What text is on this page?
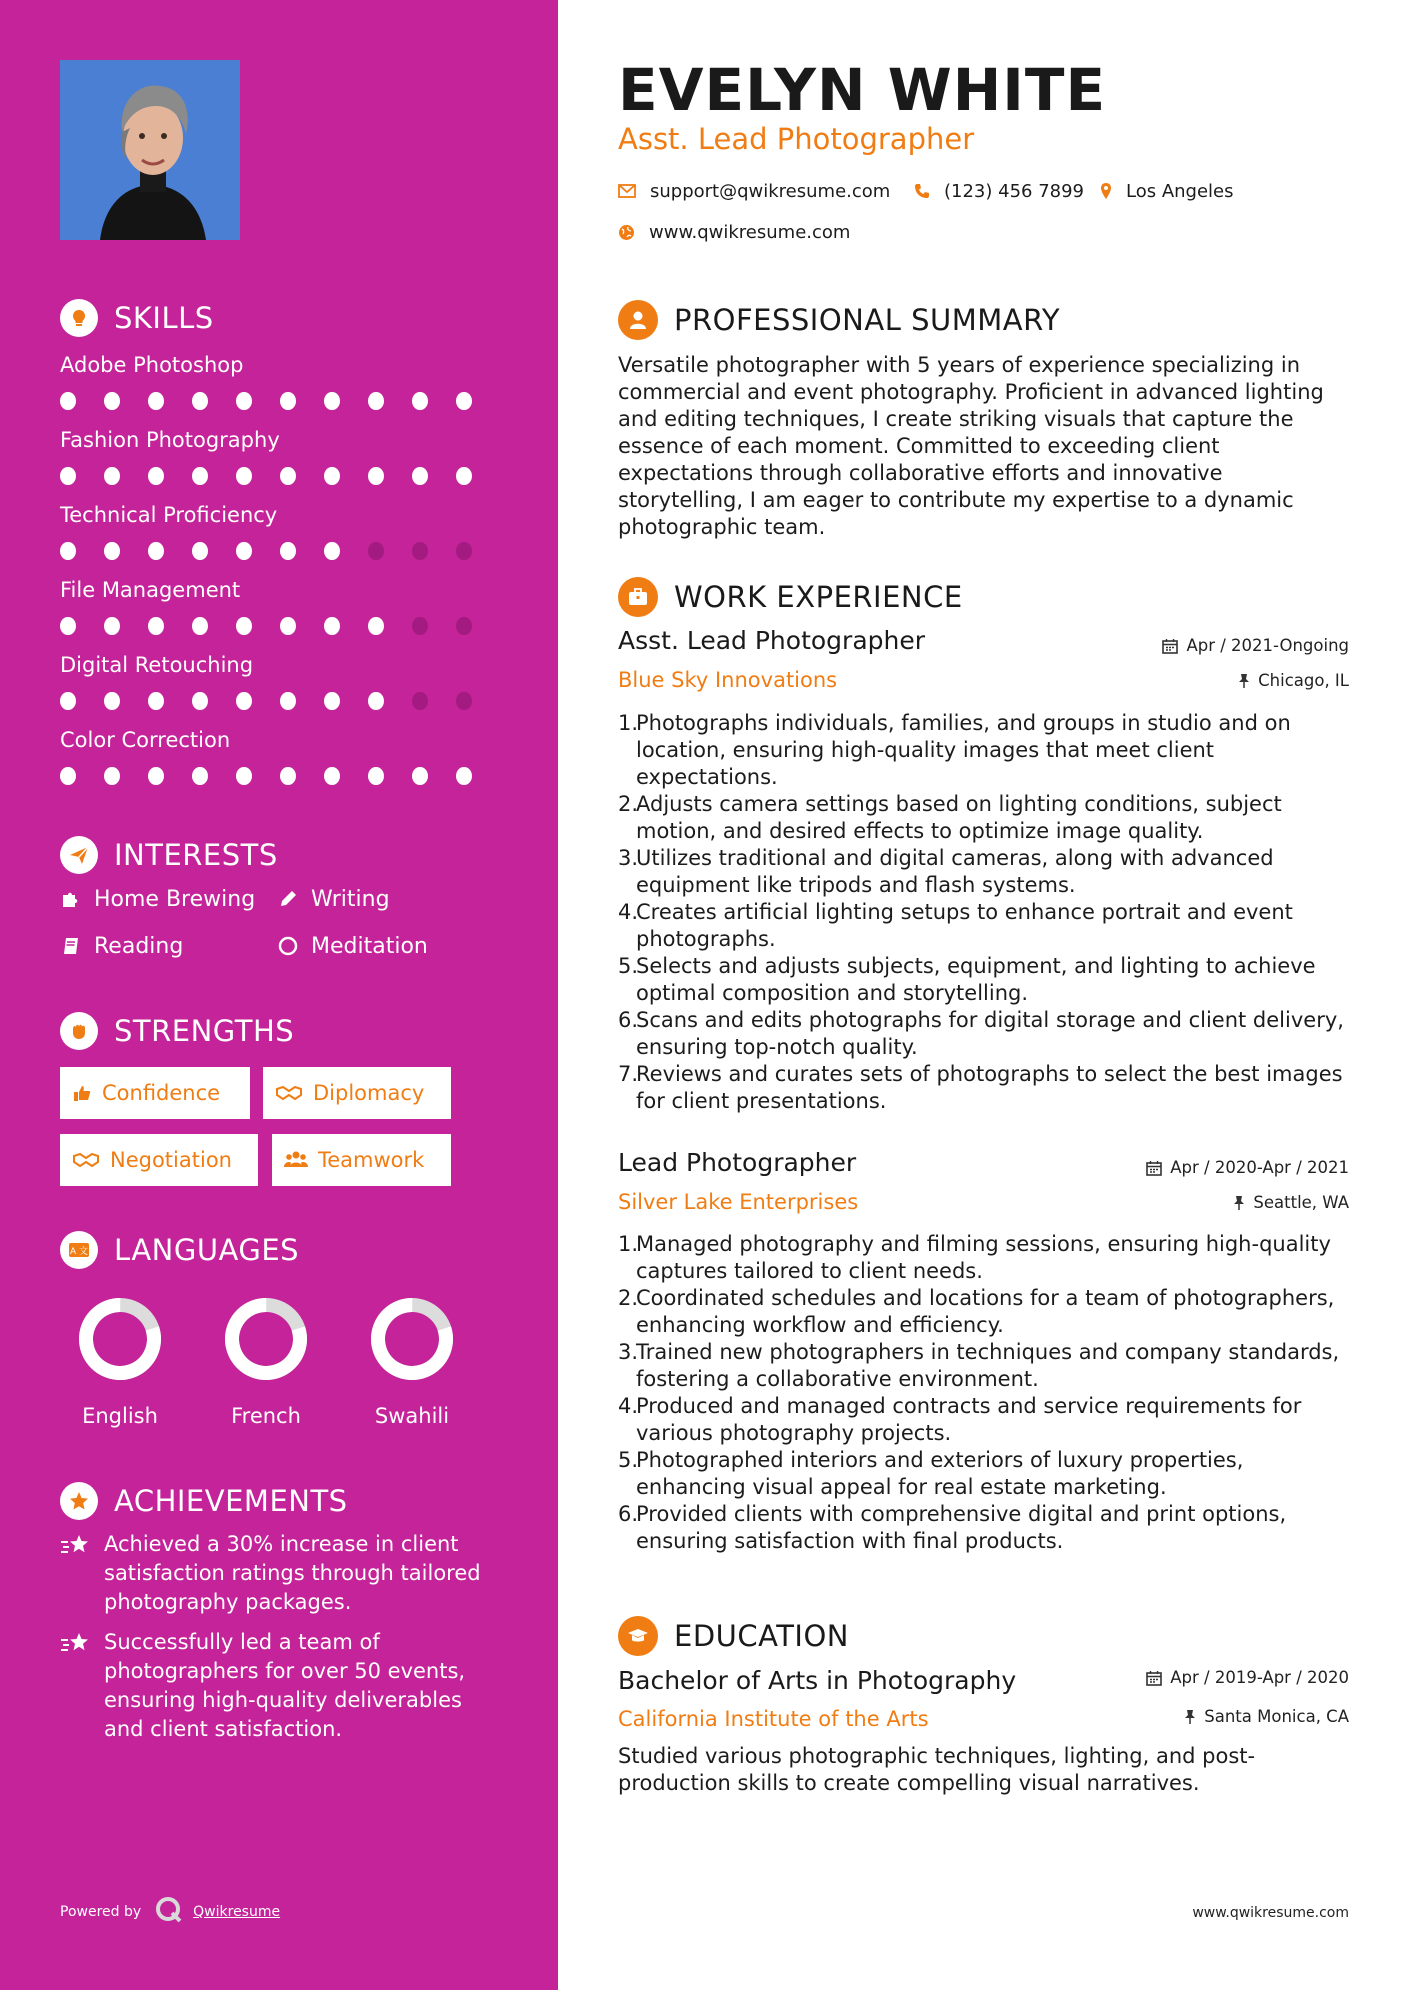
SKILLS
Adobe Photoshop
Fashion Photography
Technical Proficiency
File Management
Digital Retouching
Color Correction
INTERESTS
Home Brewing	Writing
Reading	Meditation
STRENGTHS
Confidence	Diplomacy
Negotiation	Teamwork
A 文 LANGUAGES
English	French	Swahili
ACHIEVEMENTS
Achieved a 30% increase in client satisfaction ratings through tailored photography packages.
Successfully led a team of photographers for over 50 events, ensuring high-quality deliverables and client satisfaction.
Powered by	Qwikresume
EVELYN WHITE
Asst. Lead Photographer
support@qwikresume.com	(123) 456 7899 Los Angeles
www.qwikresume.com
PROFESSIONAL SUMMARY
Versatile photographer with 5 years of experience specializing in commercial and event photography. Proficient in advanced lighting and editing techniques, I create striking visuals that capture the essence of each moment. Committed to exceeding client expectations through collaborative efforts and innovative storytelling, I am eager to contribute my expertise to a dynamic photographic team.
WORK EXPERIENCE
Asst. Lead Photographer
Blue Sky Innovations
Apr / 2021-Ongoing
Chicago, IL
Photographs individuals, families, and groups in studio and on location, ensuring high-quality images that meet client expectations.
Adjusts camera settings based on lighting conditions, subject motion, and desired effects to optimize image quality.
Utilizes traditional and digital cameras, along with advanced equipment like tripods and flash systems.
Creates artificial lighting setups to enhance portrait and event photographs.
Selects and adjusts subjects, equipment, and lighting to achieve optimal composition and storytelling.
Scans and edits photographs for digital storage and client delivery, ensuring top-notch quality.
Reviews and curates sets of photographs to select the best images for client presentations.
Lead Photographer
Silver Lake Enterprises
Apr / 2020-Apr / 2021
Seattle, WA
Managed photography and filming sessions, ensuring high-quality captures tailored to client needs.
Coordinated schedules and locations for a team of photographers, enhancing workflow and efficiency.
Trained new photographers in techniques and company standards, fostering a collaborative environment.
Produced and managed contracts and service requirements for various photography projects.
Photographed interiors and exteriors of luxury properties, enhancing visual appeal for real estate marketing.
Provided clients with comprehensive digital and print options, ensuring satisfaction with final products.
EDUCATION
Bachelor of Arts in Photography
California Institute of the Arts
Apr / 2019-Apr / 2020
Santa Monica, CA
Studied various photographic techniques, lighting, and post-production skills to create compelling visual narratives.
www.qwikresume.com
